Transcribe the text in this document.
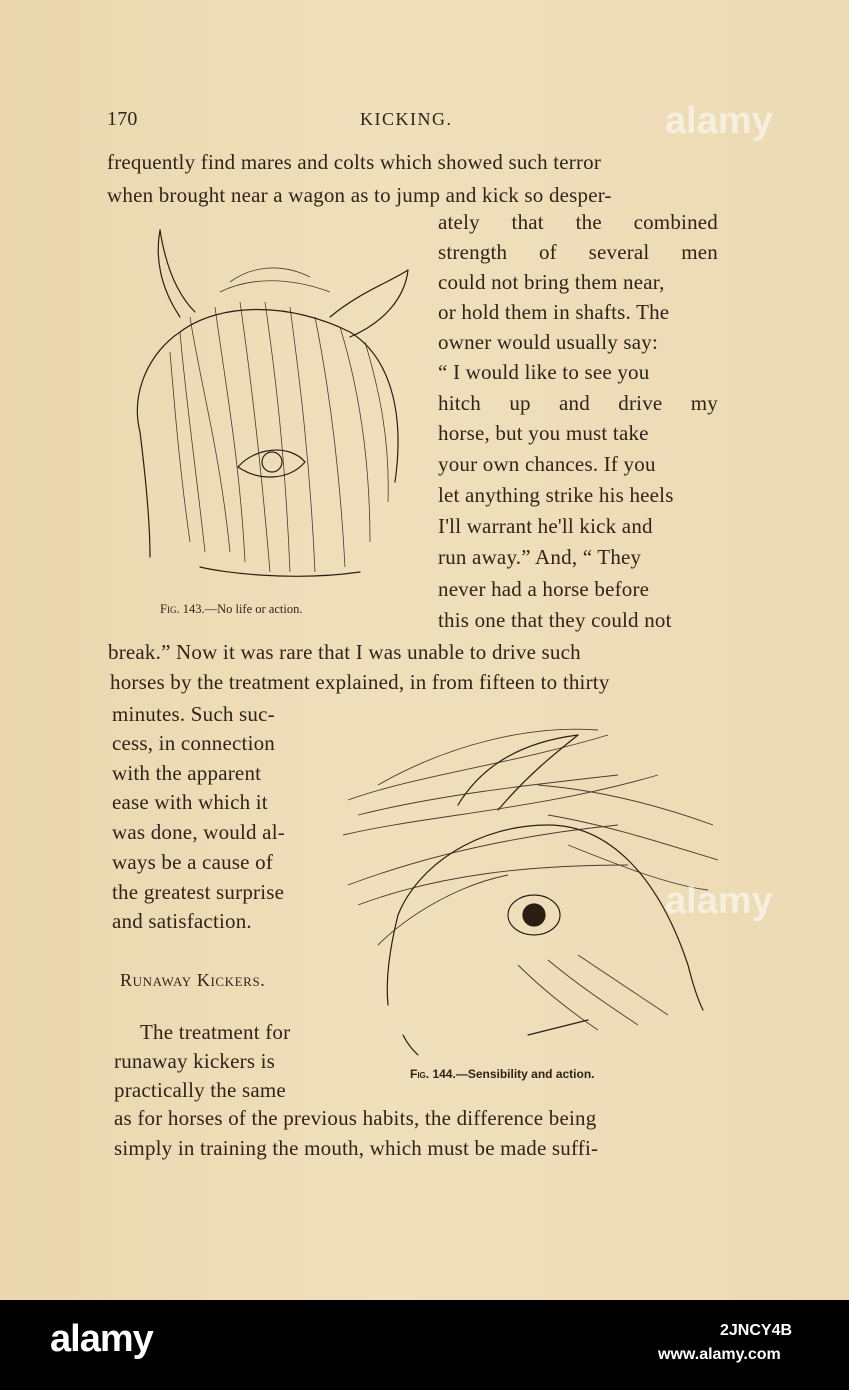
170	KICKING.
frequently find mares and colts which showed such terror
when brought near a wagon as to jump and kick so desper-
ately that the combined
strength of several men
could not bring them near,
or hold them in shafts. The
owner would usually say:
“ I would like to see you
hitch up and drive my
horse, but you must take
your own chances. If you
let anything strike his heels
I'll warrant he'll kick and
run away.” And, “ They
never had a horse before
this one that they could not
break.” Now it was rare that I was unable to drive such
horses by the treatment explained, in from fifteen to thirty
minutes. Such suc-
cess, in connection
with the apparent
ease with which it
was done, would al-
ways be a cause of
the greatest surprise
and satisfaction.
Runaway Kickers.
The treatment for
runaway kickers is
practically the same
as for horses of the previous habits, the difference being
simply in training the mouth, which must be made suffi-
Fig. 143.—No life or action.
Fig. 144.—Sensibility and action.
alamy
alamy
alamy	2JNCY4B
www.alamy.com
